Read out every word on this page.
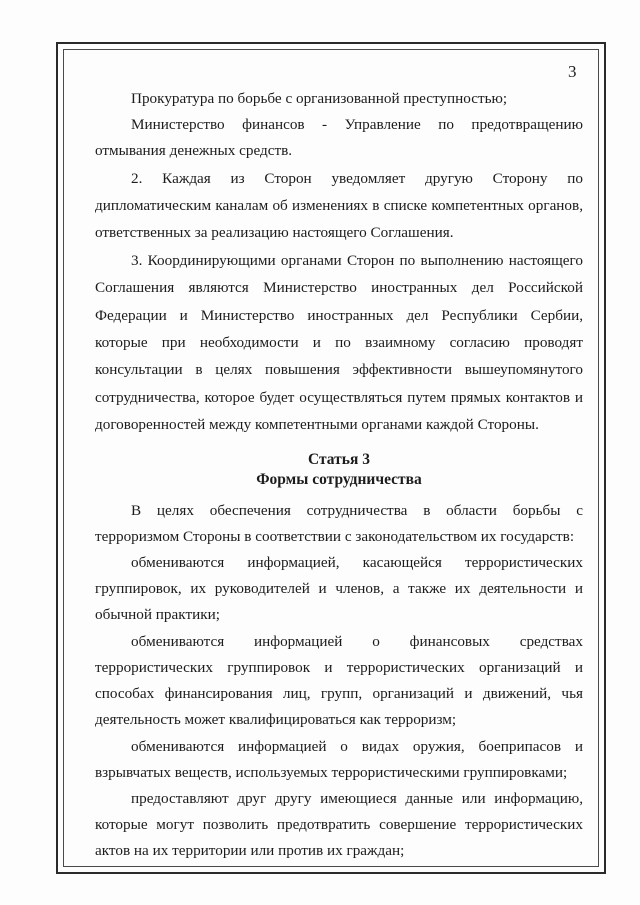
3

Прокуратура по борьбе с организованной преступностью;

Министерство финансов - Управление по предотвращению отмывания денежных средств.

2. Каждая из Сторон уведомляет другую Сторону по дипломатическим каналам об изменениях в списке компетентных органов, ответственных за реализацию настоящего Соглашения.

3. Координирующими органами Сторон по выполнению настоящего Соглашения являются Министерство иностранных дел Российской Федерации и Министерство иностранных дел Республики Сербии, которые при необходимости и по взаимному согласию проводят консультации в целях повышения эффективности вышеупомянутого сотрудничества, которое будет осуществляться путем прямых контактов и договоренностей между компетентными органами каждой Стороны.

Статья 3
Формы сотрудничества

В целях обеспечения сотрудничества в области борьбы с терроризмом Стороны в соответствии с законодательством их государств:

обмениваются информацией, касающейся террористических группировок, их руководителей и членов, а также их деятельности и обычной практики;

обмениваются информацией о финансовых средствах террористических группировок и террористических организаций и способах финансирования лиц, групп, организаций и движений, чья деятельность может квалифицироваться как терроризм;

обмениваются информацией о видах оружия, боеприпасов и взрывчатых веществ, используемых террористическими группировками;

предоставляют друг другу имеющиеся данные или информацию, которые могут позволить предотвратить совершение террористических актов на их территории или против их граждан;
